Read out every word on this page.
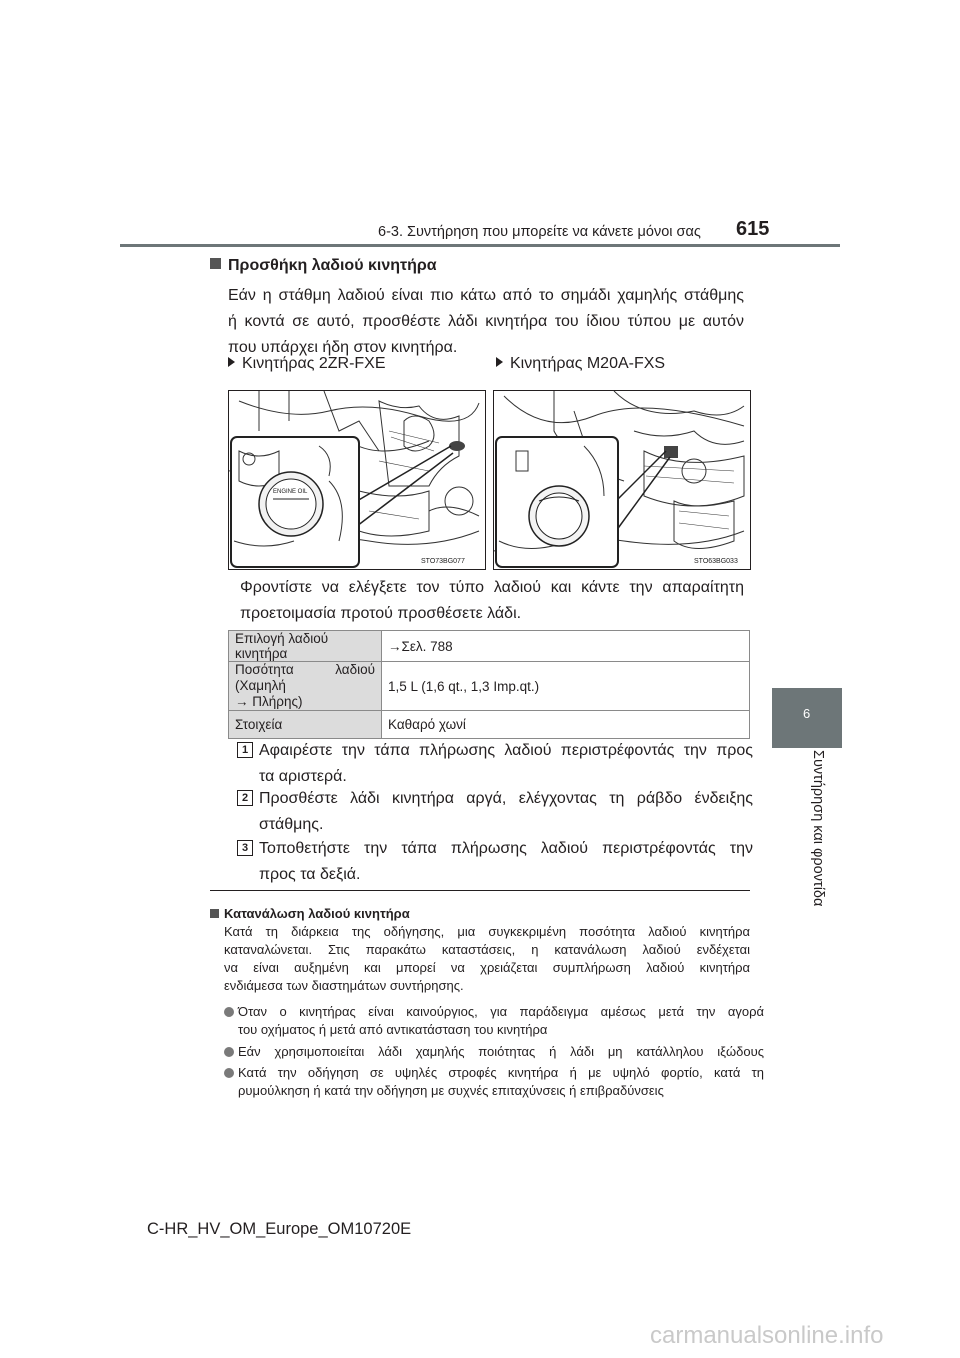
6-3. Συντήρηση που μπορείτε να κάνετε μόνοι σας 615
6
Συντήρηση και φροντίδα
Προσθήκη λαδιού κινητήρα
Εάν η στάθμη λαδιού είναι πιο κάτω από το σημάδι χαμηλής στάθμης
ή κοντά σε αυτό, προσθέστε λάδι κινητήρα του ίδιου τύπου με αυτόν
που υπάρχει ήδη στον κινητήρα.
Κινητήρας 2ZR-FXE	Κινητήρας M20A-FXS
ENGINE OIL
STO73BG077	STO63BG033
Φροντίστε να ελέγξετε τον τύπο λαδιού και κάντε την απαραίτητη
προετοιμασία προτού προσθέσετε λάδι.
Επιλογή λαδιού κινητήρα	→Σελ. 788

Ποσότητα λαδιού (Χαμηλή
→ Πλήρης)	1,5 L (1,6 qt., 1,3 Imp.qt.)
Στοιχεία	Καθαρό χωνί
1 Αφαιρέστε την τάπα πλήρωσης λαδιού περιστρέφοντάς την προς
τα αριστερά.
2 Προσθέστε λάδι κινητήρα αργά, ελέγχοντας τη ράβδο ένδειξης
στάθμης.
3 Τοποθετήστε την τάπα πλήρωσης λαδιού περιστρέφοντάς την
προς τα δεξιά.
Κατανάλωση λαδιού κινητήρα
Κατά τη διάρκεια της οδήγησης, μια συγκεκριμένη ποσότητα λαδιού κινητήρα
καταναλώνεται. Στις παρακάτω καταστάσεις, η κατανάλωση λαδιού ενδέχεται
να είναι αυξημένη και μπορεί να χρειάζεται συμπλήρωση λαδιού κινητήρα
ενδιάμεσα των διαστημάτων συντήρησης.
Όταν ο κινητήρας είναι καινούργιος, για παράδειγμα αμέσως μετά την αγορά
του οχήματος ή μετά από αντικατάσταση του κινητήρα
Εάν χρησιμοποιείται λάδι χαμηλής ποιότητας ή λάδι μη κατάλληλου ιξώδους
Κατά την οδήγηση σε υψηλές στροφές κινητήρα ή με υψηλό φορτίο, κατά τη
ρυμούλκηση ή κατά την οδήγηση με συχνές επιταχύνσεις ή επιβραδύνσεις
C-HR_HV_OM_Europe_OM10720E
carmanualsonline.info
